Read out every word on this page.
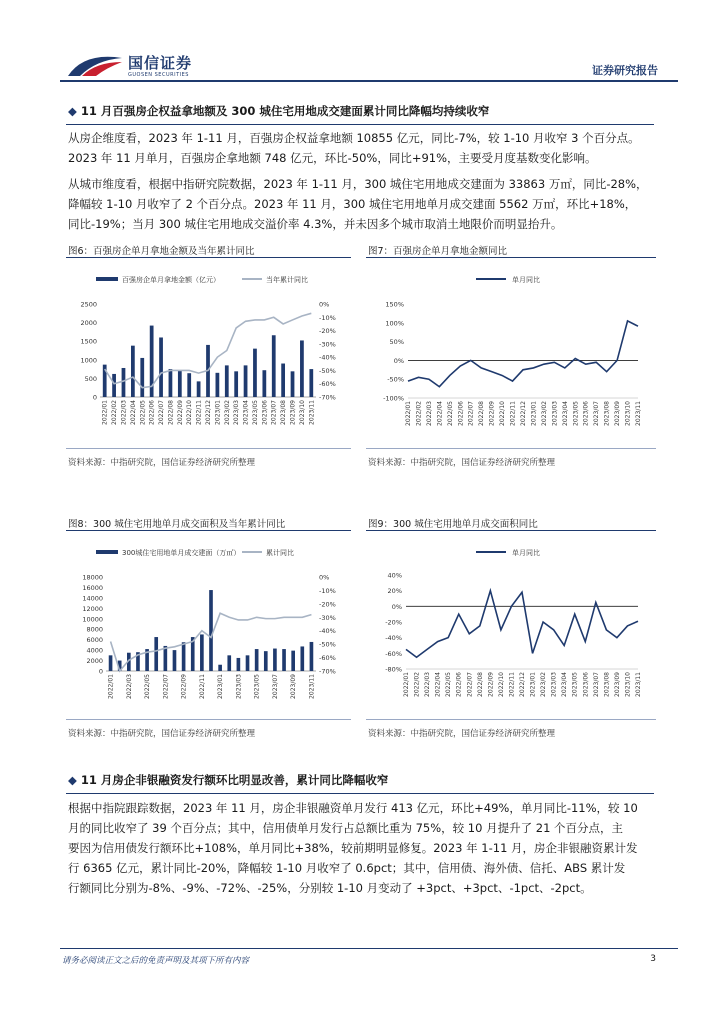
国信证券
GUOSEN SECURITIES	证券研究报告
◆ 11 月百强房企权益拿地额及 300 城住宅用地成交建面累计同比降幅均持续收窄
从房企维度看，2023 年 1-11 月，百强房企权益拿地额 10855 亿元，同比-7%，较 1-10 月收窄 3 个百分点。
2023 年 11 月单月，百强房企拿地额 748 亿元，环比-50%，同比+91%，主要受月度基数变化影响。
从城市维度看，根据中指研究院数据，2023 年 1-11 月，300 城住宅用地成交建面为 33863 万㎡，同比-28%，
降幅较 1-10 月收窄了 2 个百分点。2023 年 11 月，300 城住宅用地单月成交建面 5562 万㎡，环比+18%，
同比-19%；当月 300 城住宅用地成交溢价率 4.3%，并未因多个城市取消土地限价而明显抬升。
图6：百强房企单月拿地金额及当年累计同比
百强房企单月拿地金额（亿元）	当年累计同比
0
500
1000
1500
2000
2500
-70%
-60%
-50%
-40%
-30%
-20%
-10%
0%
2022/01 2022/02 2022/03 2022/04 2022/05 2022/06 2022/07 2022/08 2022/09 2022/10 2022/11 2022/12 2023/01 2023/02 2023/03 2023/04 2023/05 2023/06 2023/07 2023/08 2023/09 2023/10 2023/11
资料来源：中指研究院，国信证券经济研究所整理
图7：百强房企单月拿地金额同比
单月同比
-100%
-50%
0%
50%
100%
150%
2022/01 2022/02 2022/03 2022/04 2022/05 2022/06 2022/07 2022/08 2022/09 2022/10 2022/11 2022/12 2023/01 2023/02 2023/03 2023/04 2023/05 2023/06 2023/07 2023/08 2023/09 2023/10 2023/11
资料来源：中指研究院，国信证券经济研究所整理
图8：300 城住宅用地单月成交面积及当年累计同比
300城住宅用地单月成交建面（万㎡）	累计同比
0
2000
4000
6000
8000
10000
12000
14000
16000
18000
-70%
-60%
-50%
-40%
-30%
-20%
-10%
0%
2022/01 2022/03 2022/05 2022/07 2022/09 2022/11 2023/01 2023/03 2023/05 2023/07 2023/09 2023/11
资料来源：中指研究院，国信证券经济研究所整理
图9：300 城住宅用地单月成交面积同比
单月同比
-80%
-60%
-40%
-20%
0%
20%
40%
2022/01 2022/02 2022/03 2022/04 2022/05 2022/06 2022/07 2022/08 2022/09 2022/10 2022/11 2022/12 2023/01 2023/02 2023/03 2023/04 2023/05 2023/06 2023/07 2023/08 2023/09 2023/10 2023/11
资料来源：中指研究院，国信证券经济研究所整理
◆ 11 月房企非银融资发行额环比明显改善，累计同比降幅收窄
根据中指院跟踪数据，2023 年 11 月，房企非银融资单月发行 413 亿元，环比+49%，单月同比-11%，较 10
月的同比收窄了 39 个百分点；其中，信用债单月发行占总额比重为 75%，较 10 月提升了 21 个百分点，主
要因为信用债发行额环比+108%，单月同比+38%，较前期明显修复。2023 年 1-11 月，房企非银融资累计发
行 6365 亿元，累计同比-20%，降幅较 1-10 月收窄了 0.6pct；其中，信用债、海外债、信托、ABS 累计发
行额同比分别为-8%、-9%、-72%、-25%，分别较 1-10 月变动了 +3pct、+3pct、-1pct、-2pct。
请务必阅读正文之后的免责声明及其项下所有内容	3
